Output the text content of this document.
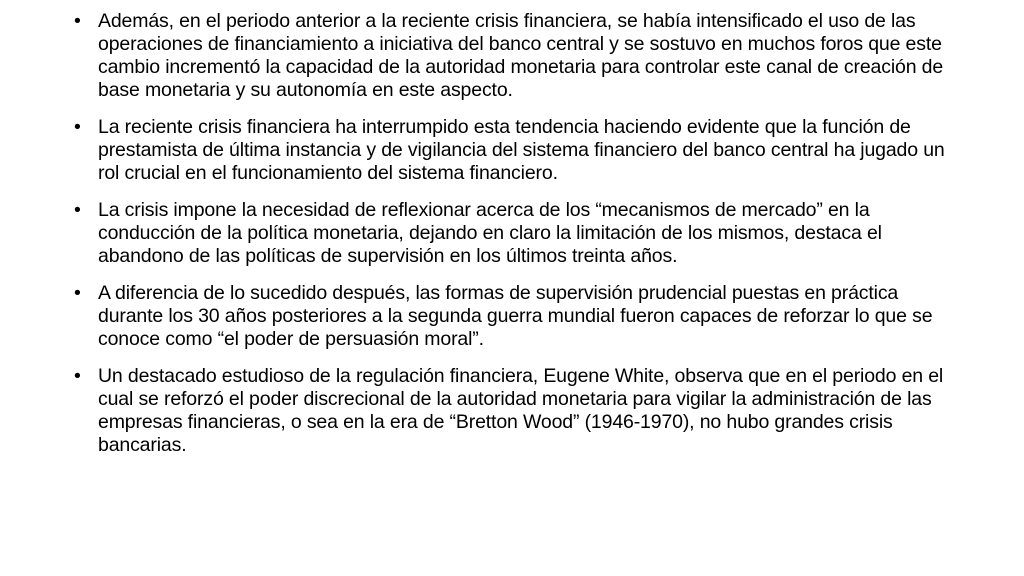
• Además, en el periodo anterior a la reciente crisis financiera, se había intensificado el uso de las operaciones de financiamiento a iniciativa del banco central y se sostuvo en muchos foros que este cambio incrementó la capacidad de la autoridad monetaria para controlar este canal de creación de base monetaria y su autonomía en este aspecto.
• La reciente crisis financiera ha interrumpido esta tendencia haciendo evidente que la función de prestamista de última instancia y de vigilancia del sistema financiero del banco central ha jugado un rol crucial en el funcionamiento del sistema financiero.
• La crisis impone la necesidad de reflexionar acerca de los “mecanismos de mercado” en la conducción de la política monetaria, dejando en claro la limitación de los mismos, destaca el abandono de las políticas de supervisión en los últimos treinta años.
• A diferencia de lo sucedido después, las formas de supervisión prudencial puestas en práctica durante los 30 años posteriores a la segunda guerra mundial fueron capaces de reforzar lo que se conoce como “el poder de persuasión moral”.
• Un destacado estudioso de la regulación financiera, Eugene White, observa que en el periodo en el cual se reforzó el poder discrecional de la autoridad monetaria para vigilar la administración de las empresas financieras, o sea en la era de “Bretton Wood” (1946-1970), no hubo grandes crisis bancarias.
